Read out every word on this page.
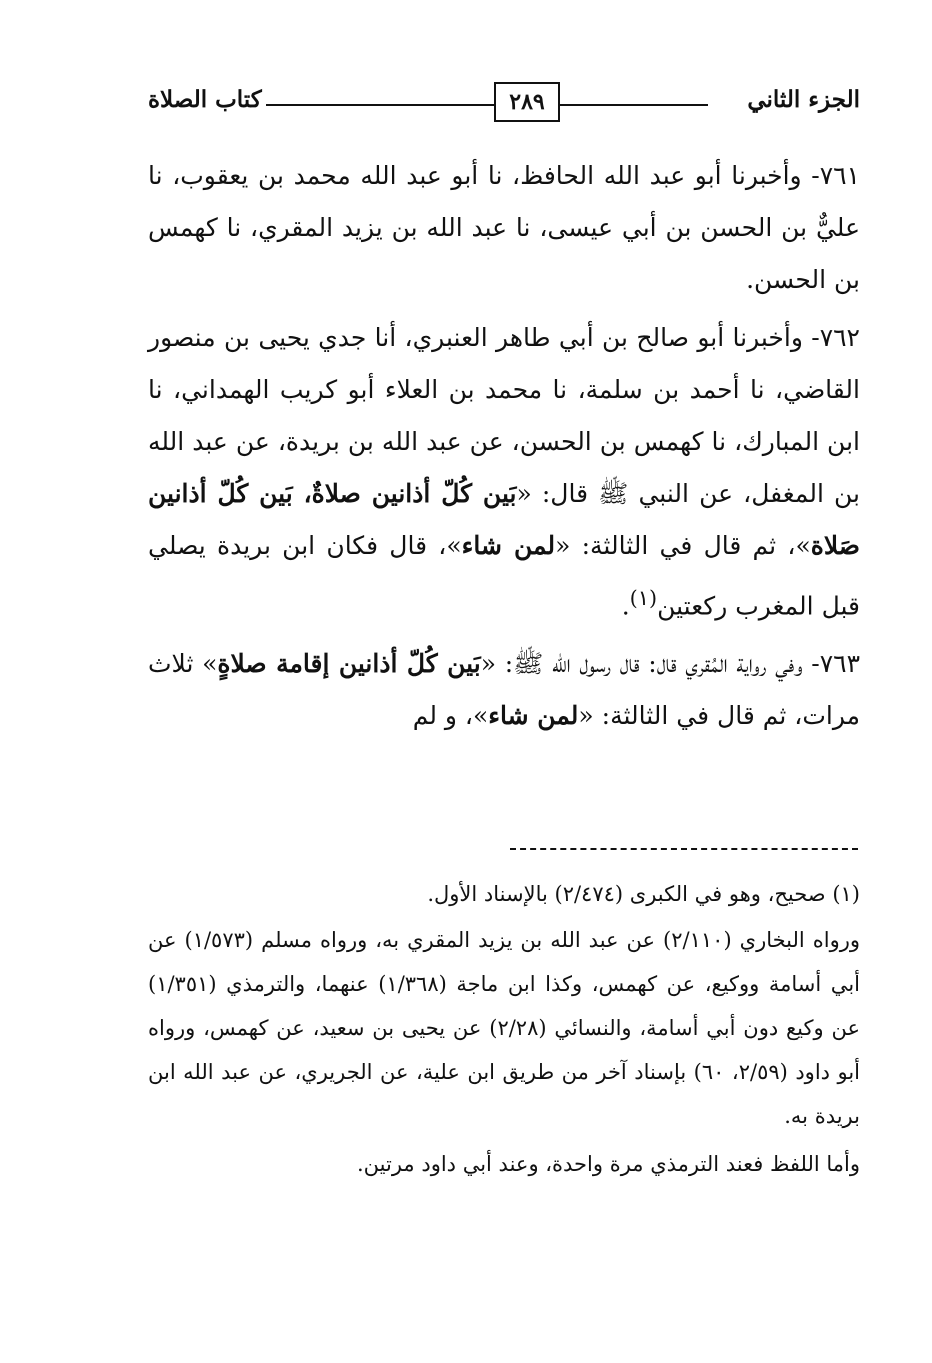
الجزء الثاني
٢٨٩
كتاب الصلاة

٧٦١- وأخبرنا أبو عبد الله الحافظ، نا أبو عبد الله محمد بن يعقوب، نا عليٌّ بن الحسن بن أبي عيسى، نا عبد الله بن يزيد المقري، نا كهمس بن الحسن.

٧٦٢- وأخبرنا أبو صالح بن أبي طاهر العنبري، أنا جدي يحيى بن منصور القاضي، نا أحمد بن سلمة، نا محمد بن العلاء أبو كريب الهمداني، نا ابن المبارك، نا كهمس بن الحسن، عن عبد الله بن بريدة، عن عبد الله بن المغفل، عن النبي ﷺ قال: «بَين كُلّ أذانين صلاةٌ، بَين كُلّ أذانين صَلاة»، ثم قال في الثالثة: «لمن شاء»، قال فكان ابن بريدة يصلي قبل المغرب ركعتين$^{(١)}$.

٧٦٣- وفي رواية المُقري قال: قال رسول الله ﷺ: «بَين كُلّ أذانين إقامة صلاةٍ» ثلاث مرات، ثم قال في الثالثة: «لمن شاء»، و لم

(١) صحيح، وهو في الكبرى (٢/٤٧٤) بالإسناد الأول.

ورواه البخاري (٢/١١٠) عن عبد الله بن يزيد المقري به، ورواه مسلم (١/٥٧٣) عن أبي أسامة ووكيع، عن كهمس، وكذا ابن ماجة (١/٣٦٨) عنهما، والترمذي (١/٣٥١) عن وكيع دون أبي أسامة، والنسائي (٢/٢٨) عن يحيى بن سعيد، عن كهمس، ورواه أبو داود (٢/٥٩، ٦٠) بإسناد آخر من طريق ابن علية، عن الجريري، عن عبد الله ابن بريدة به.

وأما اللفظ فعند الترمذي مرة واحدة، وعند أبي داود مرتين.
